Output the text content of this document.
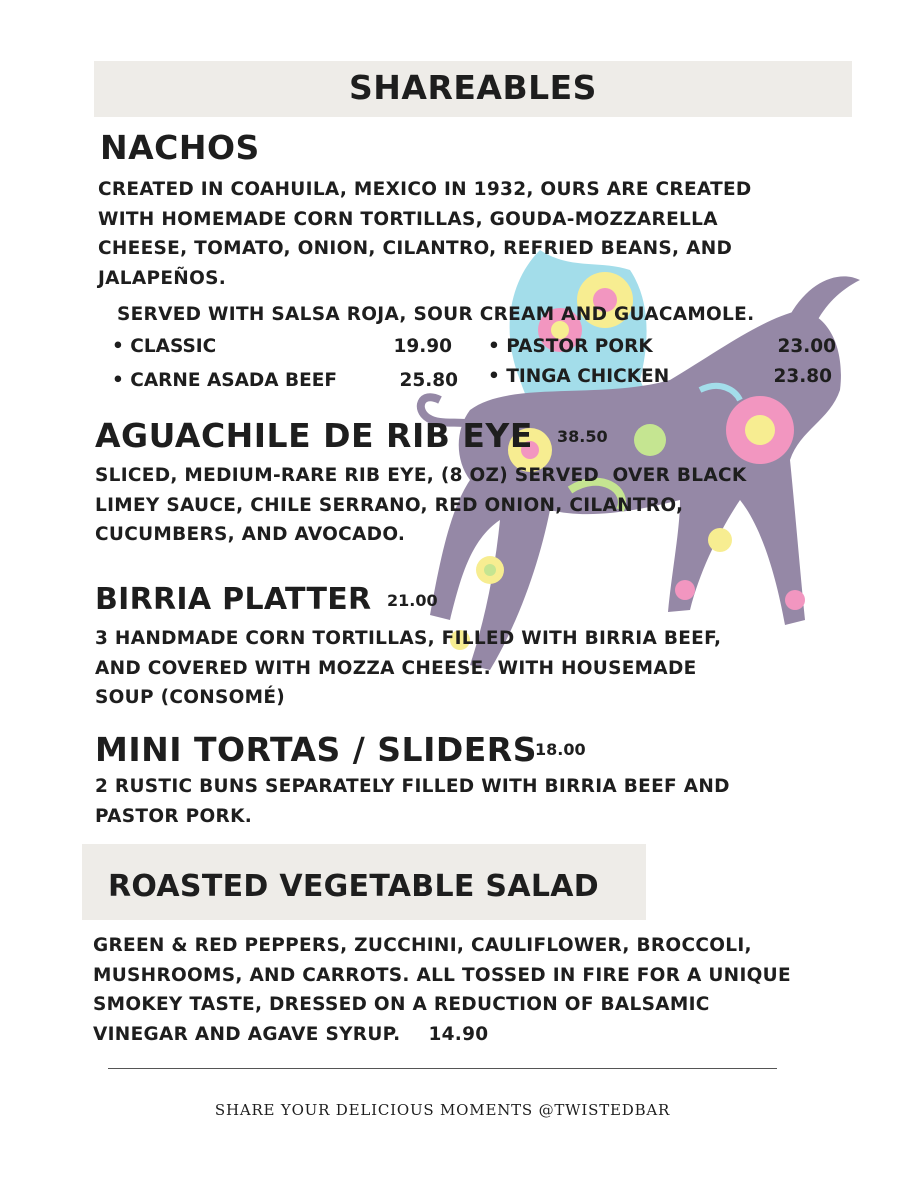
SHAREABLES
NACHOS
CREATED IN COAHUILA, MEXICO IN 1932, OURS ARE CREATED
WITH HOMEMADE CORN TORTILLAS, GOUDA-MOZZARELLA
CHEESE, TOMATO, ONION, CILANTRO, REFRIED BEANS, AND
JALAPEÑOS.
SERVED WITH SALSA ROJA, SOUR CREAM AND GUACAMOLE.
• CLASSIC	19.90
• CARNE ASADA BEEF	25.80
• PASTOR PORK	23.00
• TINGA CHICKEN	23.80
AGUACHILE DE RIB EYE 38.50
SLICED, MEDIUM-RARE RIB EYE, (8 OZ) SERVED  OVER BLACK
LIMEY SAUCE, CHILE SERRANO, RED ONION, CILANTRO,
CUCUMBERS, AND AVOCADO.
BIRRIA PLATTER 21.00
3 HANDMADE CORN TORTILLAS, FILLED WITH BIRRIA BEEF,
AND COVERED WITH MOZZA CHEESE. WITH HOUSEMADE
SOUP (CONSOMÉ)
MINI TORTAS / SLIDERS
18.00
2 RUSTIC BUNS SEPARATELY FILLED WITH BIRRIA BEEF AND
PASTOR PORK.
ROASTED VEGETABLE SALAD
GREEN & RED PEPPERS, ZUCCHINI, CAULIFLOWER, BROCCOLI,
MUSHROOMS, AND CARROTS. ALL TOSSED IN FIRE FOR A UNIQUE
SMOKEY TASTE, DRESSED ON A REDUCTION OF BALSAMIC
VINEGAR AND AGAVE SYRUP. 14.90
SHARE YOUR DELICIOUS MOMENTS @TWISTEDBAR
